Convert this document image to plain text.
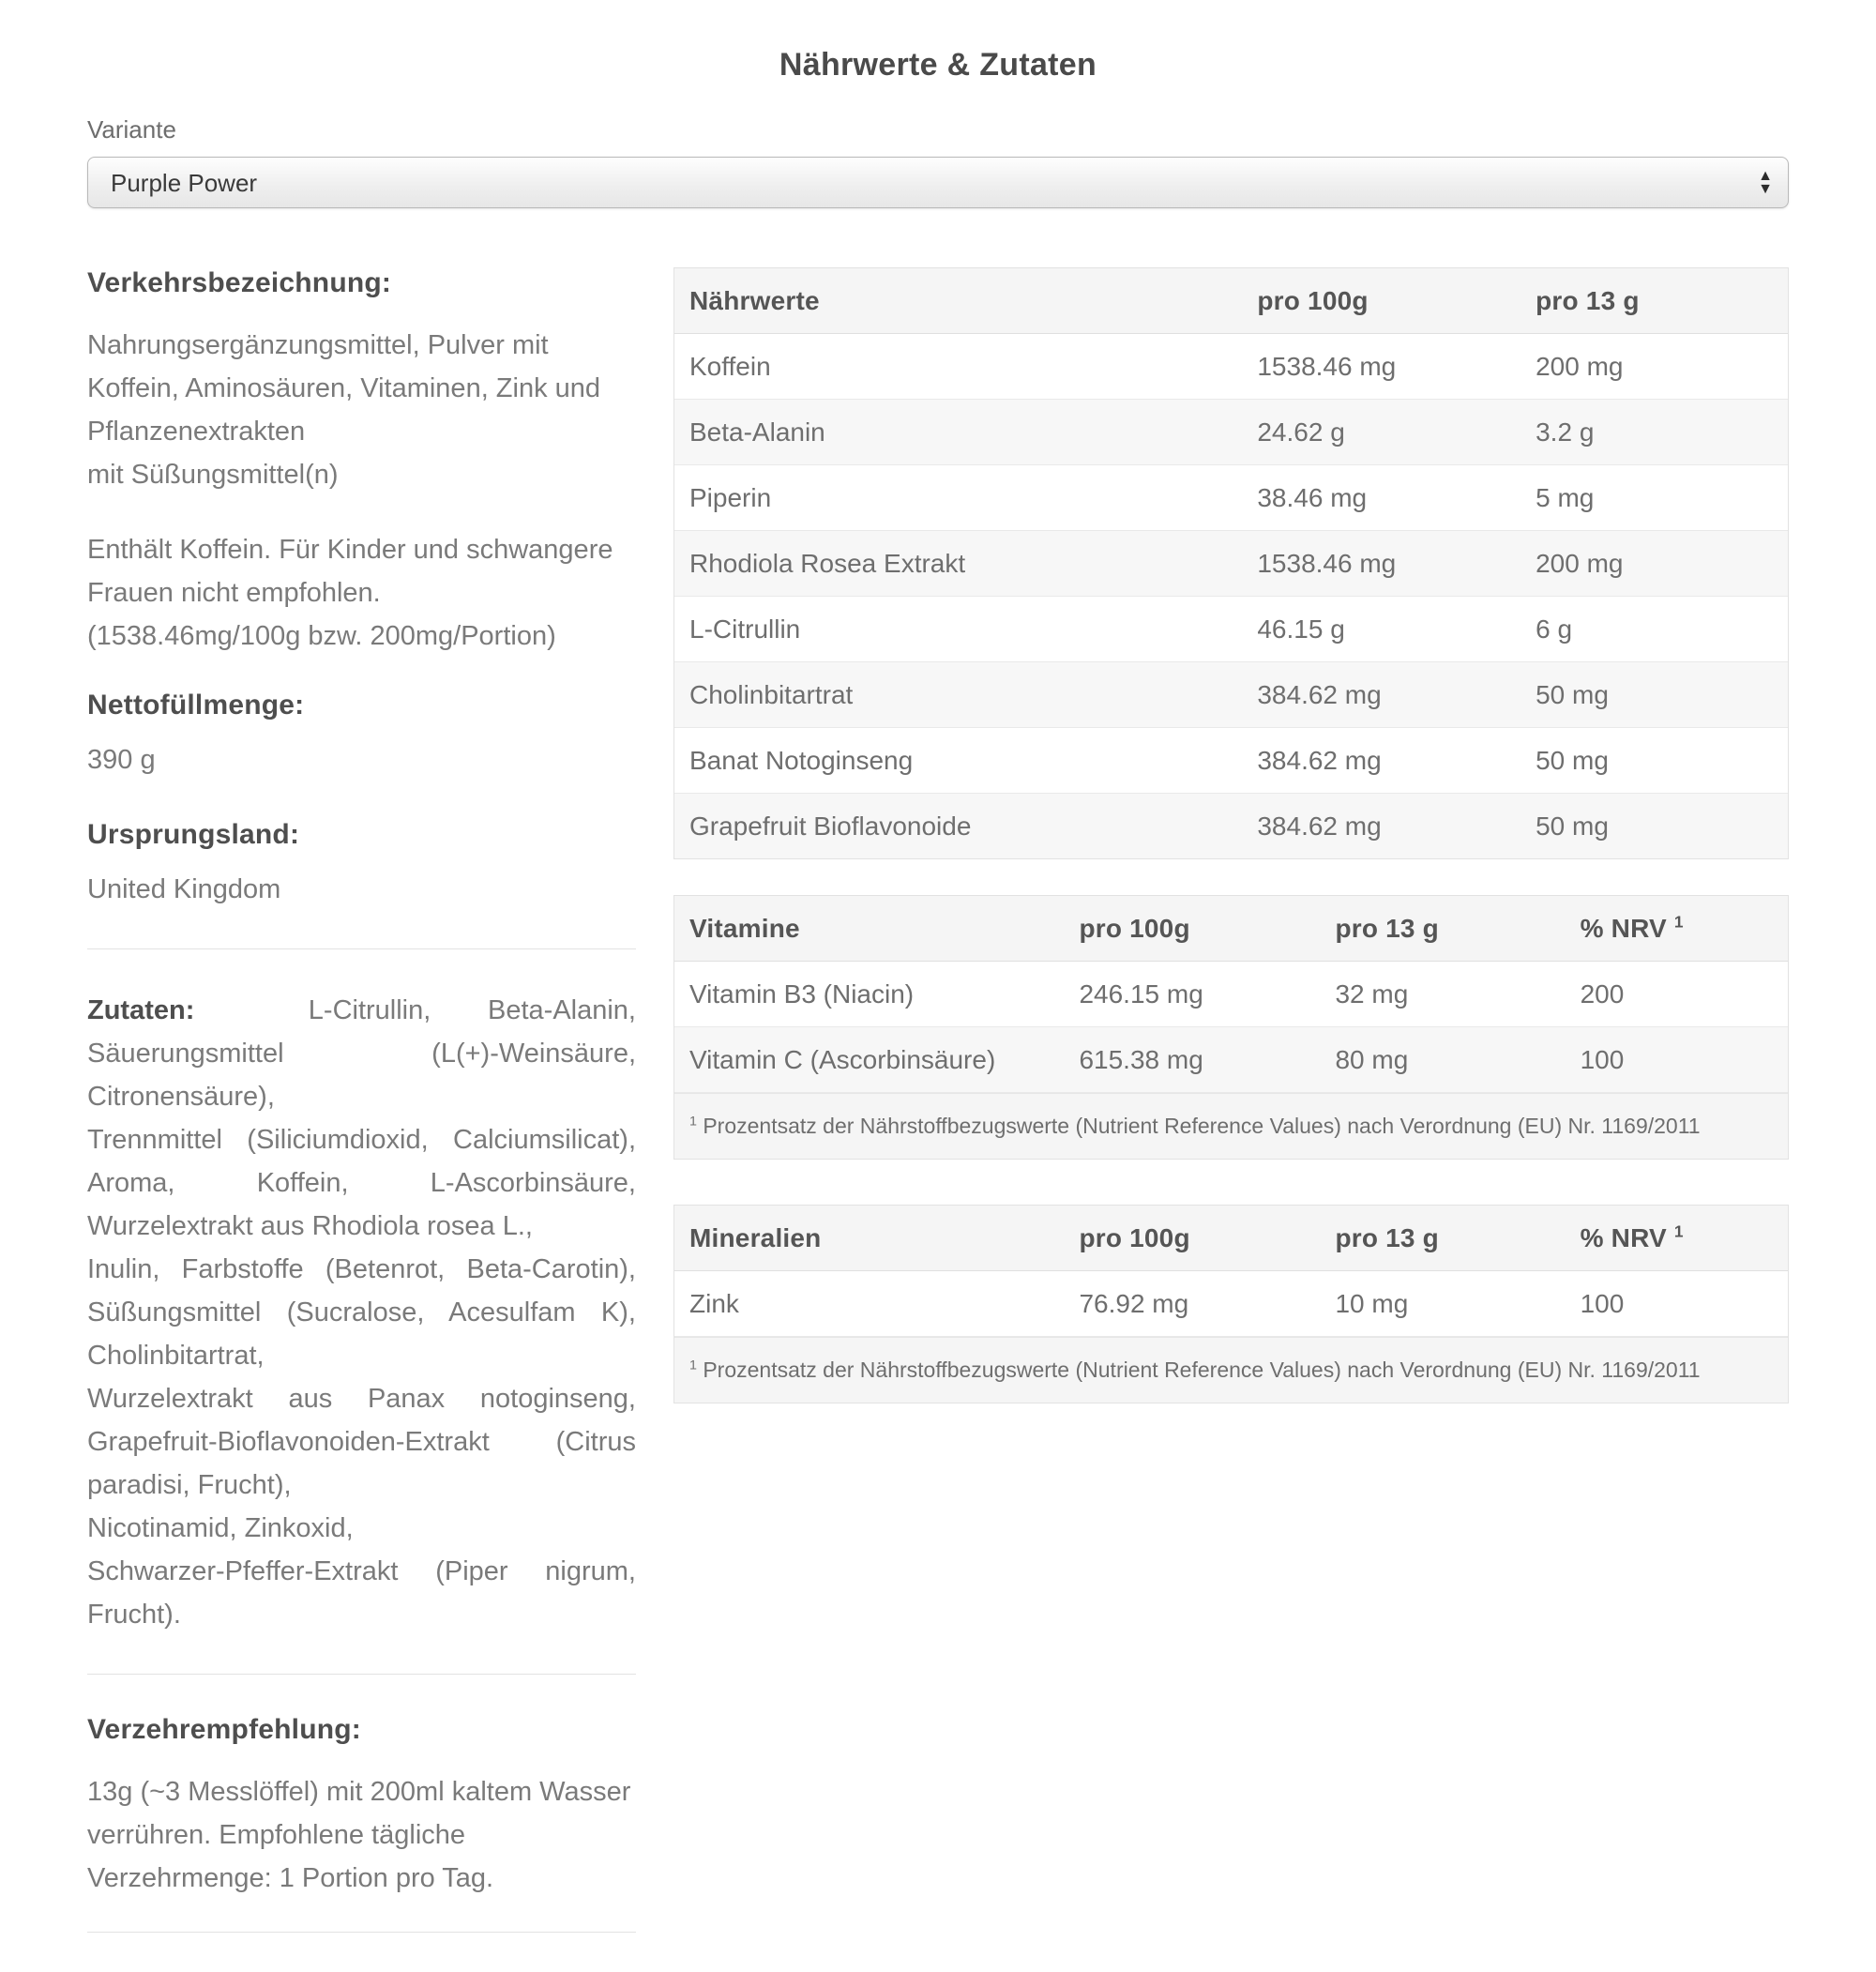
Nährwerte & Zutaten
Variante
Purple Power
▲
▼
Verkehrsbezeichnung:

Nahrungsergänzungsmittel, Pulver mit Koffein, Aminosäuren, Vitaminen, Zink und Pflanzenextrakten
mit Süßungsmittel(n)

Enthält Koffein. Für Kinder und schwangere Frauen nicht empfohlen.
(1538.46mg/100g bzw. 200mg/Portion)

Nettofüllmenge:

390 g

Ursprungsland:

United Kingdom

Zutaten:	L-Citrullin, Beta-Alanin, Säuerungsmittel (L(+)-Weinsäure, Citronensäure),
Trennmittel (Siliciumdioxid, Calciumsilicat), Aroma, Koffein, L-Ascorbinsäure, Wurzelextrakt aus Rhodiola rosea L.,
Inulin, Farbstoffe (Betenrot, Beta-Carotin), Süßungsmittel (Sucralose, Acesulfam K), Cholinbitartrat,
Wurzelextrakt aus Panax notoginseng, Grapefruit-Bioflavonoiden-Extrakt (Citrus paradisi, Frucht),
Nicotinamid, Zinkoxid,
Schwarzer-Pfeffer-Extrakt (Piper nigrum, Frucht).

Verzehrempfehlung:

13g (~3 Messlöffel) mit 200ml kaltem Wasser verrühren. Empfohlene tägliche Verzehrmenge: 1 Portion pro Tag.

Nährwerte	pro 100g	pro 13 g
Koffein	1538.46 mg	200 mg
Beta-Alanin	24.62 g	3.2 g
Piperin	38.46 mg	5 mg
Rhodiola Rosea Extrakt	1538.46 mg	200 mg
L-Citrullin	46.15 g	6 g
Cholinbitartrat	384.62 mg	50 mg
Banat Notoginseng	384.62 mg	50 mg
Grapefruit Bioflavonoide	384.62 mg	50 mg
Vitamine	pro 100g	pro 13 g	% NRV $^1$
Vitamin B3 (Niacin)	246.15 mg	32 mg	200
Vitamin C (Ascorbinsäure)	615.38 mg	80 mg	100
$^1$ Prozentsatz der Nährstoffbezugswerte (Nutrient Reference Values) nach Verordnung (EU) Nr. 1169/2011			
Mineralien	pro 100g	pro 13 g	% NRV $^1$
Zink	76.92 mg	10 mg	100
$^1$ Prozentsatz der Nährstoffbezugswerte (Nutrient Reference Values) nach Verordnung (EU) Nr. 1169/2011			
